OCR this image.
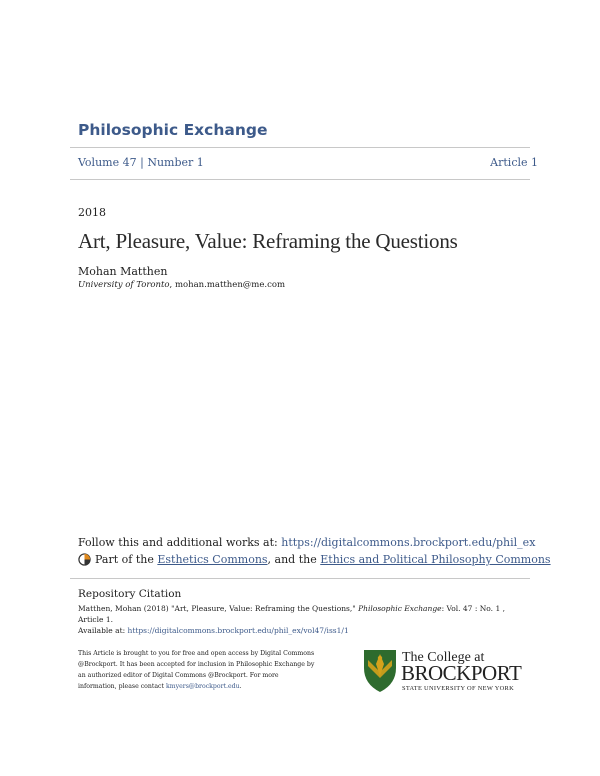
Philosophic Exchange
Volume 47 | Number 1	Article 1
2018
Art, Pleasure, Value: Reframing the Questions
Mohan Matthen
University of Toronto, mohan.matthen@me.com
Follow this and additional works at: https://digitalcommons.brockport.edu/phil_ex
Part of the
Esthetics Commons , and the
Ethics and Political Philosophy Commons
Repository Citation
Matthen, Mohan (2018) "Art, Pleasure, Value: Reframing the Questions," Philosophic Exchange: Vol. 47 : No. 1 , Article 1.
Available at: https://digitalcommons.brockport.edu/phil_ex/vol47/iss1/1
This Article is brought to you for free and open access by Digital Commons
@Brockport. It has been accepted for inclusion in Philosophic Exchange by
an authorized editor of Digital Commons @Brockport. For more
information, please contact kmyers@brockport.edu.
The College at
BROCKPORT
STATE UNIVERSITY OF NEW YORK
